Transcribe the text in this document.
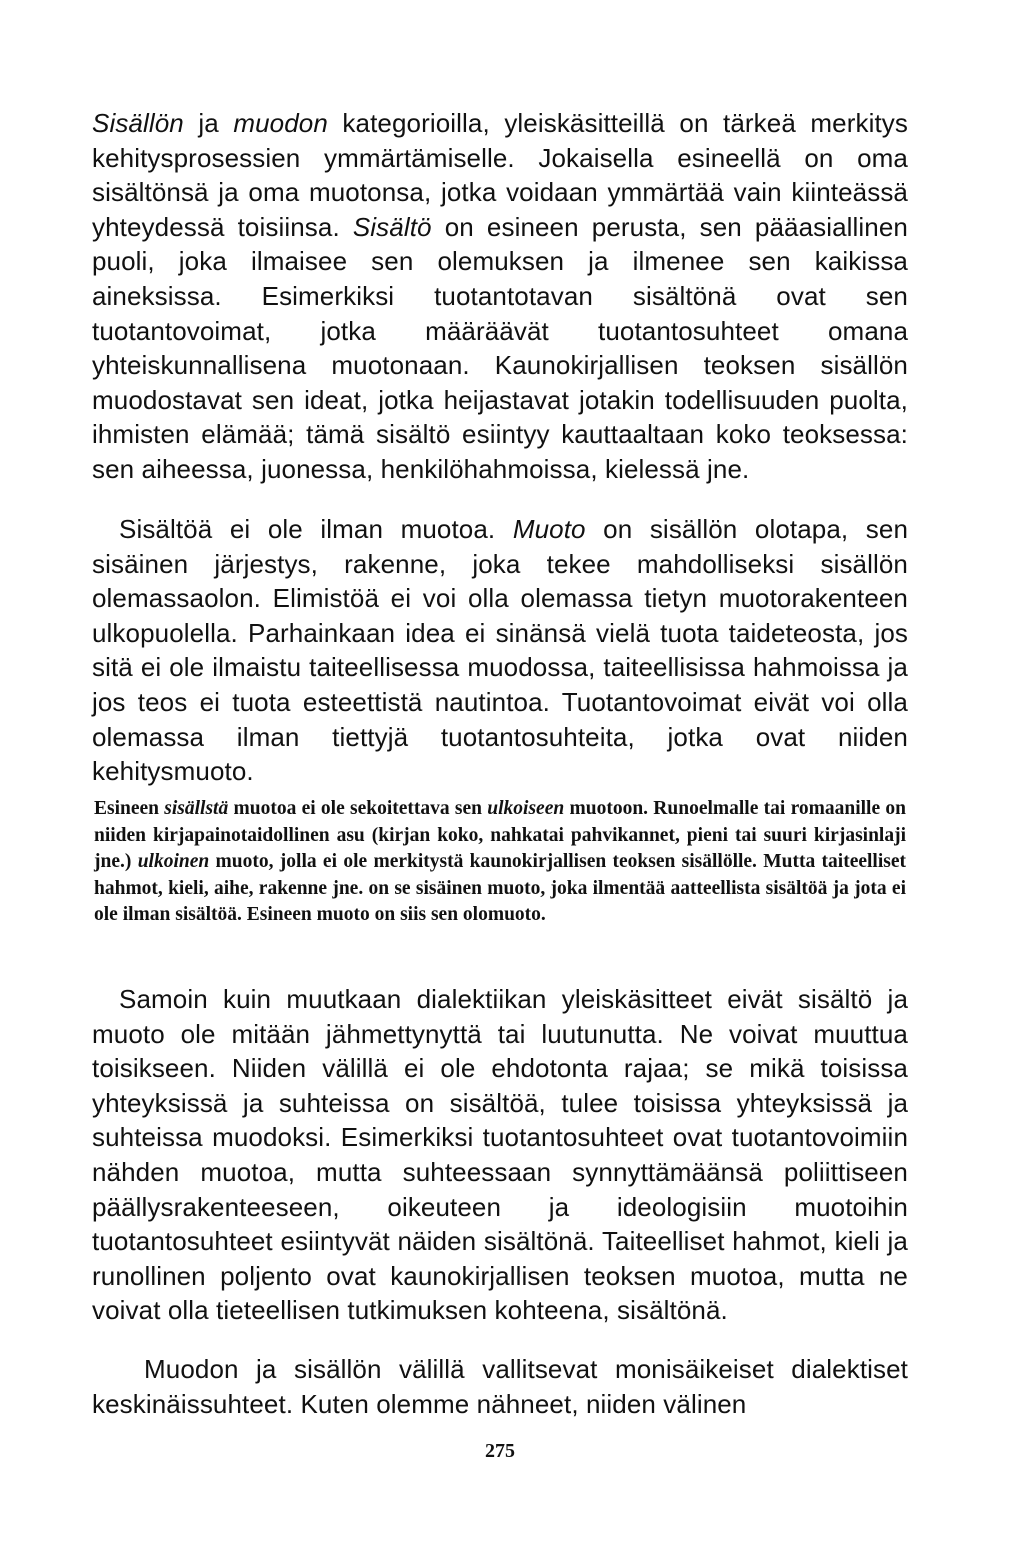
Sisällön ja muodon kategorioilla, yleiskäsitteillä on tärkeä merkitys kehitysprosessien ymmärtämiselle. Jokaisella esineellä on oma sisältönsä ja oma muotonsa, jotka voidaan ymmärtää vain kiinteässä yhteydessä toisiinsa. Sisältö on esineen perusta, sen pääasiallinen puoli, joka ilmaisee sen olemuksen ja ilmenee sen kaikissa aineksissa. Esimerkiksi tuotantotavan sisältönä ovat sen tuotantovoimat, jotka määräävät tuotantosuhteet omana yhteiskunnallisena muotonaan. Kaunokirjallisen teoksen sisällön muodostavat sen ideat, jotka heijastavat jotakin todellisuuden puolta, ihmisten elämää; tämä sisältö esiintyy kauttaaltaan koko teoksessa: sen aiheessa, juonessa, henkilöhahmoissa, kielessä jne.

Sisältöä ei ole ilman muotoa. Muoto on sisällön olotapa, sen sisäinen järjestys, rakenne, joka tekee mahdolliseksi sisällön olemassaolon. Elimistöä ei voi olla olemassa tietyn muotorakenteen ulkopuolella. Parhainkaan idea ei sinänsä vielä tuota taideteosta, jos sitä ei ole ilmaistu taiteellisessa muodossa, taiteellisissa hahmoissa ja jos teos ei tuota esteettistä nautintoa. Tuotantovoimat eivät voi olla olemassa ilman tiettyjä tuotantosuhteita, jotka ovat niiden kehitysmuoto.

Esineen sisällstä muotoa ei ole sekoitettava sen ulkoiseen muotoon. Runoelmalle tai romaanille on niiden kirjapainotaidollinen asu (kirjan koko, nahkatai pahvikannet, pieni tai suuri kirjasinlaji jne.) ulkoinen muoto, jolla ei ole merkitystä kaunokirjallisen teoksen sisällölle. Mutta taiteelliset hahmot, kieli, aihe, rakenne jne. on se sisäinen muoto, joka ilmentää aatteellista sisältöä ja jota ei ole ilman sisältöä. Esineen muoto on siis sen olomuoto.

Samoin kuin muutkaan dialektiikan yleiskäsitteet eivät sisältö ja muoto ole mitään jähmettynyttä tai luutunutta. Ne voivat muuttua toisikseen. Niiden välillä ei ole ehdotonta rajaa; se mikä toisissa yhteyksissä ja suhteissa on sisältöä, tulee toisissa yhteyksissä ja suhteissa muodoksi. Esimerkiksi tuotantosuhteet ovat tuotantovoimiin nähden muotoa, mutta suhteessaan synnyttämäänsä poliittiseen päällysrakenteeseen, oikeuteen ja ideologisiin muotoihin tuotantosuhteet esiintyvät näiden sisältönä. Taiteelliset hahmot, kieli ja runollinen poljento ovat kaunokirjallisen teoksen muotoa, mutta ne voivat olla tieteellisen tutkimuksen kohteena, sisältönä.

Muodon ja sisällön välillä vallitsevat monisäikeiset dialektiset keskinäissuhteet. Kuten olemme nähneet, niiden välinen

275
